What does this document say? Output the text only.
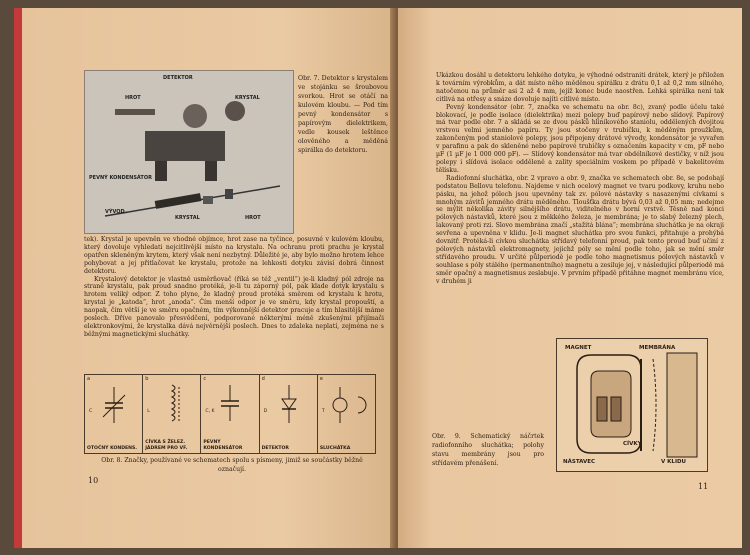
DETEKTOR
HROT	KRYSTAL
PEVNÝ KONDENSÁTOR
VÝVOD
KRYSTAL	HROT
Obr. 7. Detektor s krystalem ve stojánku se šroubovou svorkou. Hrot se otáčí na kulovém kloubu. — Pod tím pevný kondensátor s papírovým dielektrikem, vedle kousek leštěnce olověného a měděná spirálka do detektoru.

tek). Krystal je upevněn ve vhodné objímce, hrot zase na tyčince, posuvné v kulovém kloubu, který dovoluje vyhledati nejcitlivější místo na krystalu. Na ochranu proti prachu je krystal opatřen skleněným krytem, který však není nezbytný. Důležité je, aby bylo možno hrotem lehce pohybovat a jej přitlačovat ke krystalu, protože na lehkosti dotyku závisí dobrá činnost detektoru.

Krystalový detektor je vlastně usměrňovač (říká se též „ventil“) je-li kladný pól zdroje na straně krystalu, pak proud snadno protéká, je-li tu záporný pól, pak klade dotyk krystalu s hrotem veliký odpor. Z toho plyne, že kladný proud protéká směrem od krystalu k hrotu, krystal je „katoda“, hrot „anoda“. Čím menší odpor je ve směru, kdy krystal propouští, a naopak, čím větší je ve směru opačném, tím výkonnější detektor pracuje a tím hlasitější máme poslech. Dříve panovalo přesvědčení, podporované některými méně zkušenými přijímači elektronkovými, že krystalka dává nejvěrnější poslech. Dnes to zdaleka neplatí, zejména ne s běžnými magnetickými sluchátky.

a
C
OTOČNÝ KONDENS.
b
L
CÍVKA S ŽELEZ. JÁDREM PRO VF.
c
C, K
PEVNÝ KONDENSÁTOR
d
D
DETEKTOR
e
T
SLUCHÁTKA
Obr. 8. Značky, používané ve schematech spolu s písmeny, jimiž se součástky běžně označují.
10

Ukázkou dosáhl u detektoru lehkého dotyku, je výhodné odstraniti drátek, který je přiložen k továrním výrobkům, a dát místo něho měděnou spirálku z drátu 0,1 až 0,2 mm silného, natočenou na průměr asi 2 až 4 mm, jejíž konec bude naostřen. Lehká spirálka není tak citlivá na otřesy a snáze dovoluje najíti citlivé místo.

Pevný kondensátor (obr. 7, značka ve schematu na obr. 8c), zvaný podle účelu také blokovací, je podle isolace (dielektrika) mezi polepy buď papírový nebo slídový. Papírový má tvar podle obr. 7 a skládá se ze dvou pásků hliníkového staniolu, oddělených dvojitou vrstvou velmi jemného papíru. Ty jsou stočeny v trubičku, k měděným proužkům, zakončeným pod staniolové polepy, jsou připojeny drátové vývody, kondensátor je vyvařen v parafinu a pak do skleněné nebo papírové trubičky s označením kapacity v cm, pF nebo µF (1 µF je 1 000 000 pF). — Slídový kondensátor má tvar obdélníkové destičky, v níž jsou polepy i slídová isolace odděleně a zality speciálním voskem po případě v bakelitovém tělísku.

Radiofonní sluchátka, obr. 2 vpravo a obr. 9, značka ve schematech obr. 8e, se podobají podstatou Bellovu telefonu. Najdeme v nich ocelový magnet ve tvaru podkovy, kruhu nebo pásku, na jehož pólech jsou upevněny tak zv. pólové nástavky s nasazenými cívkami s mnohým závitů jemného drátu měděného. Tloušťka drátu bývá 0,03 až 0,05 mm; nedejme se mýlit několika závity silnějšího drátu, viditelného v horní vrstvě. Těsně nad konci pólových nástavků, které jsou z měkkého železa, je membrána; je to slabý železný plech, lakovaný proti rzi. Slovo membrána značí „stažitá blána“; membrána sluchátka je na okraji sevřena a upevněna v klidu. Je-li magnet sluchátka pro svou funkci, přitahuje a prohýbá dovnitř. Protéká-li cívkou sluchátka střídavý telefonní proud, pak tento proud buď učiní z pólových nástavků elektromagnety, jejichž póly se mění podle toho, jak se mění směr střídavého proudu. V určité půlperiodě je podle toho magnetismus pólových nástavků v souhlase s póly stálého (permanentního) magnetu a zesiluje jej, v následující půlperiodě má směr opačný a magnetismus zeslabuje. V prvním případě přitáhne magnet membránu více, v druhém ji

MAGNET	MEMBRÁNA
CÍVKY
NÁSTAVEC	V KLIDU
Obr. 9. Schematický náčrtek radiofonního sluchátka; polohy stavu membrány jsou pro střídavém přenášení.
11
